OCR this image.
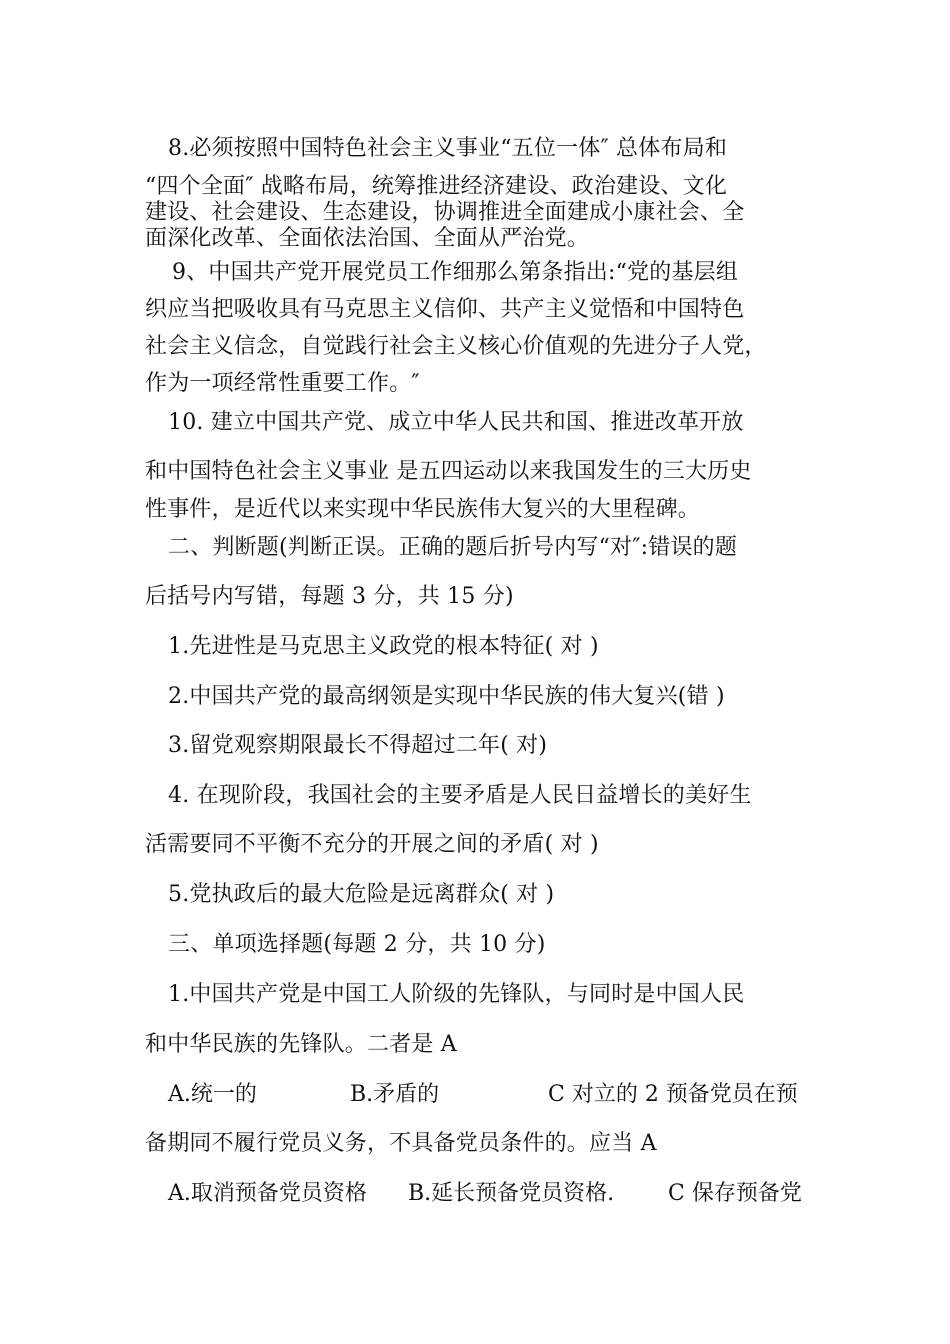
8.必须按照中国特色社会主义事业“五位一体″ 总体布局和
“四个全面″ 战略布局，统筹推进经济建设、政治建设、文化
建设、社会建设、生态建设，协调推进全面建成小康社会、全
面深化改革、全面依法治国、全面从严治党。
9、中国共产党开展党员工作细那么第条指出:“党的基层组
织应当把吸收具有马克思主义信仰、共产主义觉悟和中国特色
社会主义信念，自觉践行社会主义核心价值观的先进分子人党，
作为一项经常性重要工作。″
10. 建立中国共产党、成立中华人民共和国、推进改革开放
和中国特色社会主义事业 是五四运动以来我国发生的三大历史
性事件，是近代以来实现中华民族伟大复兴的大里程碑。
二、判断题(判断正误。正确的题后折号内写“对″:错误的题
后括号内写错，每题 3 分，共 15 分)
1.先进性是马克思主义政党的根本特征( 对 )
2.中国共产党的最高纲领是实现中华民族的伟大复兴(错 )
3.留党观察期限最长不得超过二年( 对)
4. 在现阶段，我国社会的主要矛盾是人民日益增长的美好生
活需要同不平衡不充分的开展之间的矛盾( 对 )
5.党执政后的最大危险是远离群众( 对 )
三、单项选择题(每题 2 分，共 10 分)
1.中国共产党是中国工人阶级的先锋队，与同时是中国人民
和中华民族的先锋队。二者是 A
A.统一的	B.矛盾的	C 对立的 2 预备党员在预
备期同不履行党员义务，不具备党员条件的。应当 A
A.取消预备党员资格 B.延长预备党员资格. C 保存预备党
